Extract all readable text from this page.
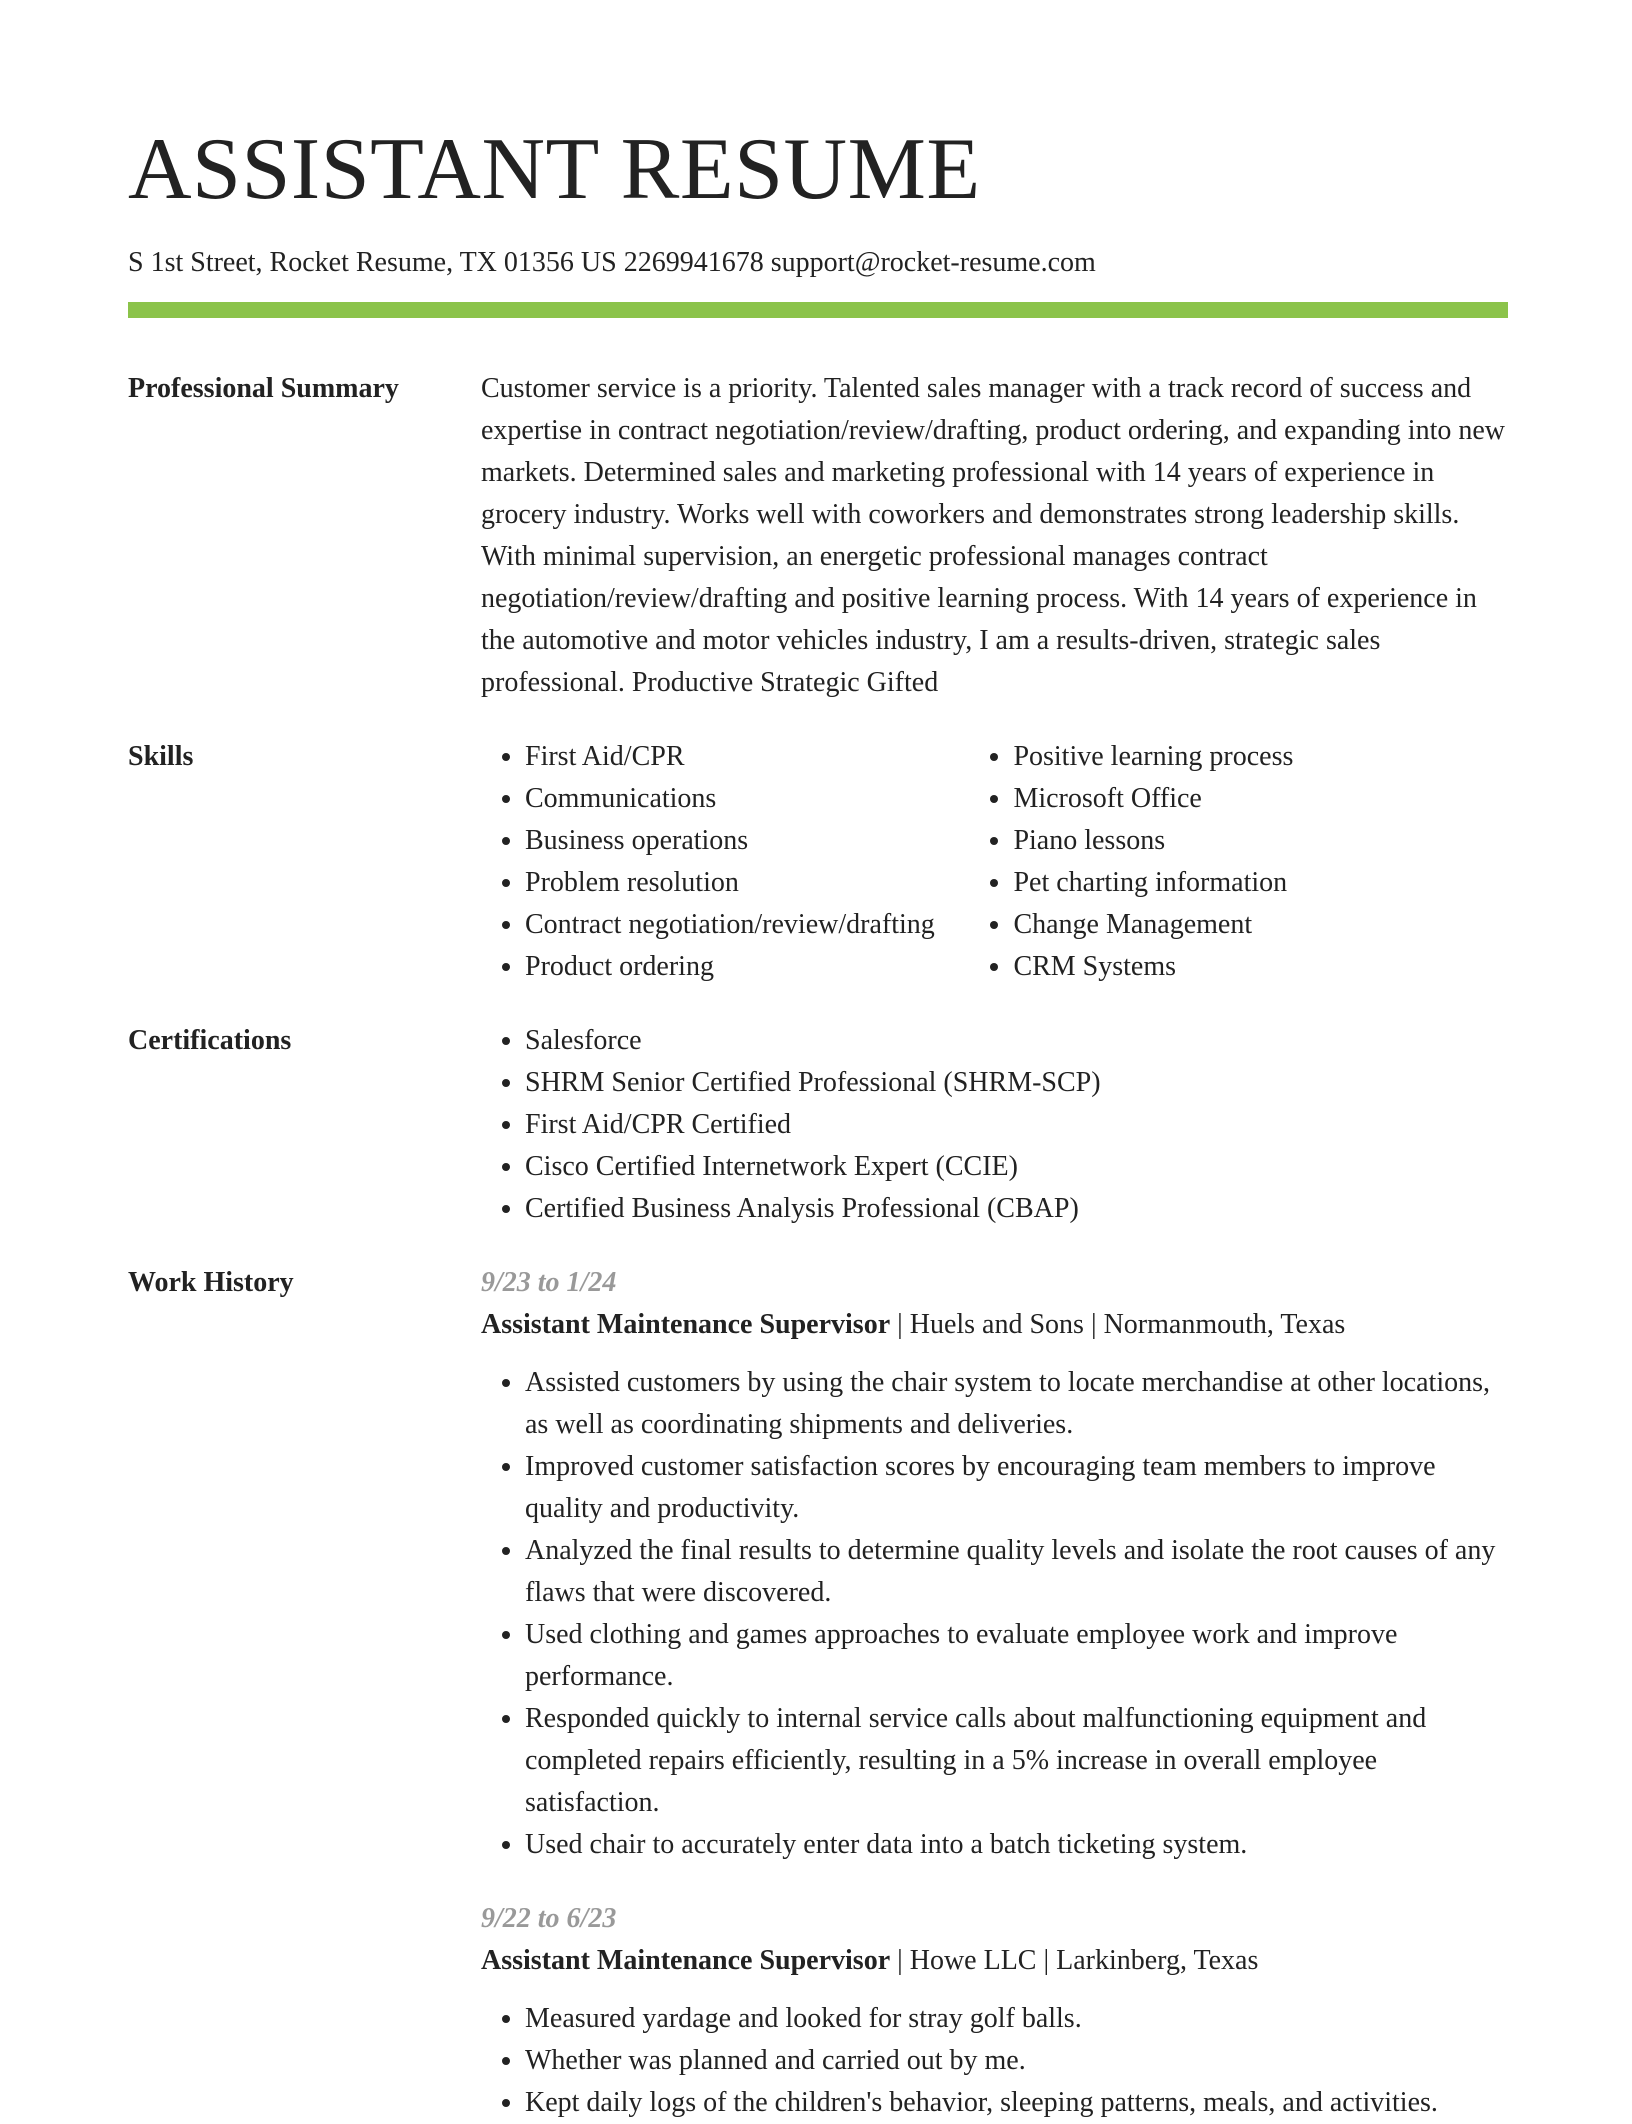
ASSISTANT RESUME
S 1st Street, Rocket Resume, TX 01356 US 2269941678 support@rocket-resume.com
Professional Summary	Customer service is a priority. Talented sales manager with a track record of success and expertise in contract negotiation/review/drafting, product ordering, and expanding into new markets. Determined sales and marketing professional with 14 years of experience in grocery industry. Works well with coworkers and demonstrates strong leadership skills. With minimal supervision, an energetic professional manages contract negotiation/review/drafting and positive learning process. With 14 years of experience in the automotive and motor vehicles industry, I am a results-driven, strategic sales professional. Productive Strategic Gifted
Skills	• First Aid/CPR
• Communications
• Business operations
• Problem resolution
• Contract negotiation/review/drafting
• Product ordering
• Positive learning process
• Microsoft Office
• Piano lessons
• Pet charting information
• Change Management
• CRM Systems
Certifications	• Salesforce
• SHRM Senior Certified Professional (SHRM-SCP)
• First Aid/CPR Certified
• Cisco Certified Internetwork Expert (CCIE)
• Certified Business Analysis Professional (CBAP)
Work History	9/23 to 1/24
Assistant Maintenance Supervisor | Huels and Sons | Normanmouth, Texas
• Assisted customers by using the chair system to locate merchandise at other locations, as well as coordinating shipments and deliveries.
• Improved customer satisfaction scores by encouraging team members to improve quality and productivity.
• Analyzed the final results to determine quality levels and isolate the root causes of any flaws that were discovered.
• Used clothing and games approaches to evaluate employee work and improve performance.
• Responded quickly to internal service calls about malfunctioning equipment and completed repairs efficiently, resulting in a 5% increase in overall employee satisfaction.
• Used chair to accurately enter data into a batch ticketing system.
9/22 to 6/23
Assistant Maintenance Supervisor | Howe LLC | Larkinberg, Texas
• Measured yardage and looked for stray golf balls.
• Whether was planned and carried out by me.
• Kept daily logs of the children's behavior, sleeping patterns, meals, and activities.
